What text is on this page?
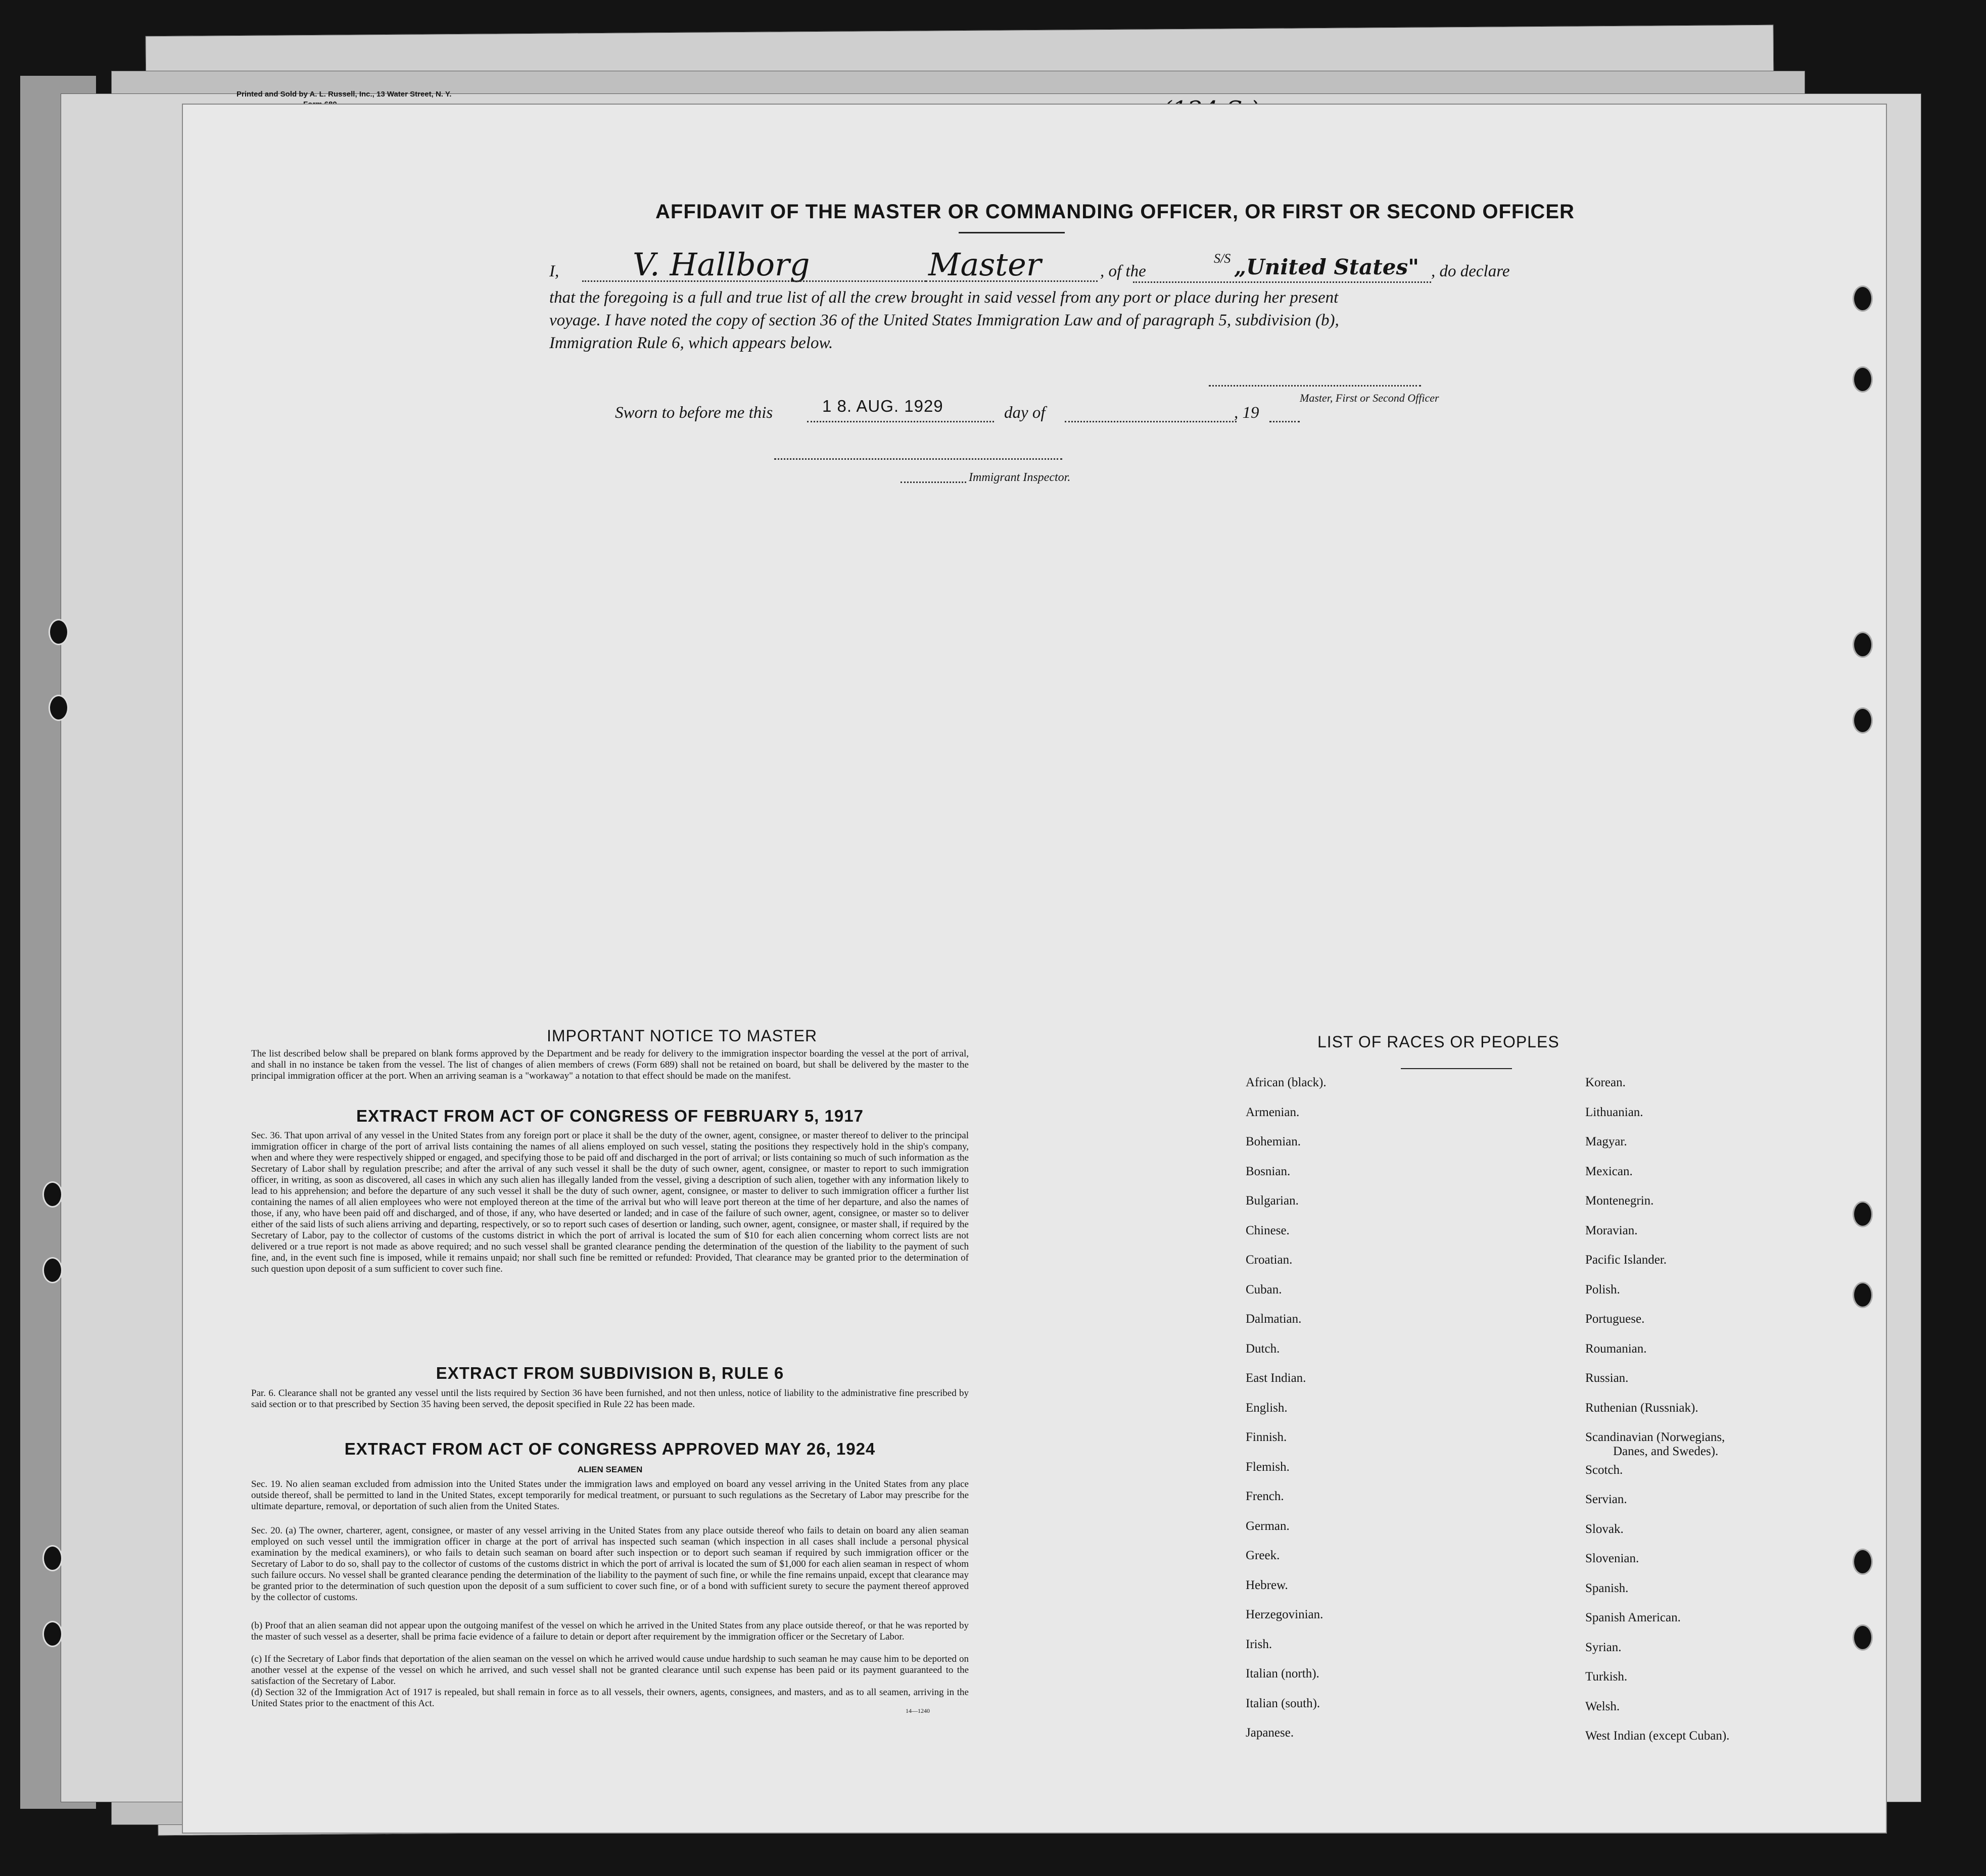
Printed and Sold by A. L. Russell, Inc., 13 Water Street, N. Y.
AFFIDAVIT OF THE MASTER OR COMMANDING OFFICER, OR FIRST OR SECOND OFFICER
I, V. Hallborg	Master	, of the
S/S „United States" , do declare
that the foregoing is a full and true list of all the crew brought in said vessel from any port or place during her present
voyage. I have noted the copy of section 36 of the United States Immigration Law and of paragraph 5, subdivision (b),
Immigration Rule 6, which appears below.
Master, First or Second Officer
Sworn to before me this	1 8. AUG. 1929	day of	, 19
Immigrant Inspector.
IMPORTANT NOTICE TO MASTER
The list described below shall be prepared on blank forms approved by the Department and be ready for delivery to the immigration inspector boarding the vessel at the port of arrival, and shall in no instance be taken from the vessel. The list of changes of alien members of crews (Form 689) shall not be retained on board, but shall be delivered by the master to the principal immigration officer at the port. When an arriving seaman is a "workaway" a notation to that effect should be made on the manifest.
EXTRACT FROM ACT OF CONGRESS OF FEBRUARY 5, 1917
Sec. 36. That upon arrival of any vessel in the United States from any foreign port or place it shall be the duty of the owner, agent, consignee, or master thereof to deliver to the principal immigration officer in charge of the port of arrival lists containing the names of all aliens employed on such vessel, stating the positions they respectively hold in the ship's company, when and where they were respectively shipped or engaged, and specifying those to be paid off and discharged in the port of arrival; or lists containing so much of such information as the Secretary of Labor shall by regulation prescribe; and after the arrival of any such vessel it shall be the duty of such owner, agent, consignee, or master to report to such immigration officer, in writing, as soon as discovered, all cases in which any such alien has illegally landed from the vessel, giving a description of such alien, together with any information likely to lead to his apprehension; and before the departure of any such vessel it shall be the duty of such owner, agent, consignee, or master to deliver to such immigration officer a further list containing the names of all alien employees who were not employed thereon at the time of the arrival but who will leave port thereon at the time of her departure, and also the names of those, if any, who have been paid off and discharged, and of those, if any, who have deserted or landed; and in case of the failure of such owner, agent, consignee, or master so to deliver either of the said lists of such aliens arriving and departing, respectively, or so to report such cases of desertion or landing, such owner, agent, consignee, or master shall, if required by the Secretary of Labor, pay to the collector of customs of the customs district in which the port of arrival is located the sum of $10 for each alien concerning whom correct lists are not delivered or a true report is not made as above required; and no such vessel shall be granted clearance pending the determination of the question of the liability to the payment of such fine, and, in the event such fine is imposed, while it remains unpaid; nor shall such fine be remitted or refunded: Provided, That clearance may be granted prior to the determination of such question upon deposit of a sum sufficient to cover such fine.
EXTRACT FROM SUBDIVISION B, RULE 6
Par. 6. Clearance shall not be granted any vessel until the lists required by Section 36 have been furnished, and not then unless, notice of liability to the administrative fine prescribed by said section or to that prescribed by Section 35 having been served, the deposit specified in Rule 22 has been made.
EXTRACT FROM ACT OF CONGRESS APPROVED MAY 26, 1924
ALIEN SEAMEN
Sec. 19. No alien seaman excluded from admission into the United States under the immigration laws and employed on board any vessel arriving in the United States from any place outside thereof, shall be permitted to land in the United States, except temporarily for medical treatment, or pursuant to such regulations as the Secretary of Labor may prescribe for the ultimate departure, removal, or deportation of such alien from the United States.
Sec. 20. (a) The owner, charterer, agent, consignee, or master of any vessel arriving in the United States from any place outside thereof who fails to detain on board any alien seaman employed on such vessel until the immigration officer in charge at the port of arrival has inspected such seaman (which inspection in all cases shall include a personal physical examination by the medical examiners), or who fails to detain such seaman on board after such inspection or to deport such seaman if required by such immigration officer or the Secretary of Labor to do so, shall pay to the collector of customs of the customs district in which the port of arrival is located the sum of $1,000 for each alien seaman in respect of whom such failure occurs. No vessel shall be granted clearance pending the determination of the liability to the payment of such fine, or while the fine remains unpaid, except that clearance may be granted prior to the determination of such question upon the deposit of a sum sufficient to cover such fine, or of a bond with sufficient surety to secure the payment thereof approved by the collector of customs.
(b) Proof that an alien seaman did not appear upon the outgoing manifest of the vessel on which he arrived in the United States from any place outside thereof, or that he was reported by the master of such vessel as a deserter, shall be prima facie evidence of a failure to detain or deport after requirement by the immigration officer or the Secretary of Labor.
(c) If the Secretary of Labor finds that deportation of the alien seaman on the vessel on which he arrived would cause undue hardship to such seaman he may cause him to be deported on another vessel at the expense of the vessel on which he arrived, and such vessel shall not be granted clearance until such expense has been paid or its payment guaranteed to the satisfaction of the Secretary of Labor.
(d) Section 32 of the Immigration Act of 1917 is repealed, but shall remain in force as to all vessels, their owners, agents, consignees, and masters, and as to all seamen, arriving in the United States prior to the enactment of this Act.
14—1240
LIST OF RACES OR PEOPLES
African (black).
Armenian.
Bohemian.
Bosnian.
Bulgarian.
Chinese.
Croatian.
Cuban.
Dalmatian.
Dutch.
East Indian.
English.
Finnish.
Flemish.
French.
German.
Greek.
Hebrew.
Herzegovinian.
Irish.
Italian (north).
Italian (south).
Japanese.
Korean.
Lithuanian.
Magyar.
Mexican.
Montenegrin.
Moravian.
Pacific Islander.
Polish.
Portuguese.
Roumanian.
Russian.
Ruthenian (Russniak).
Scandinavian (Norwegians,
Scotch.
Servian.
Slovak.
Slovenian.
Spanish.
Spanish American.
Syrian.
Turkish.
Welsh.
West Indian (except Cuban).
Danes, and Swedes).
